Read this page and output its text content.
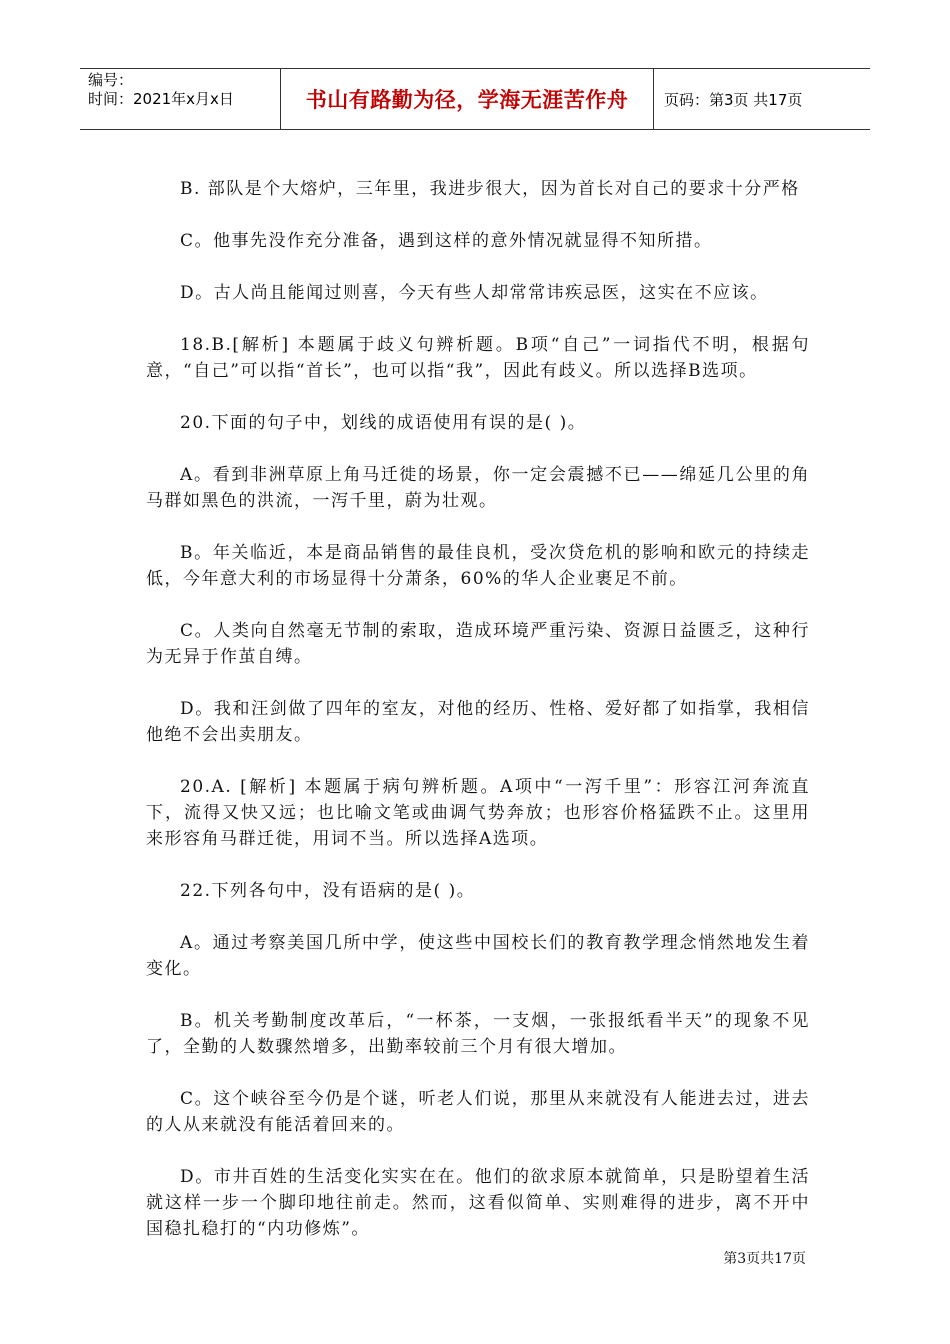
编号：
时间：2021年x月x日	书山有路勤为径，学海无涯苦作舟	页码：第3页 共17页

B. 部队是个大熔炉，三年里，我进步很大，因为首长对自己的要求十分严格

C。他事先没作充分准备，遇到这样的意外情况就显得不知所措。

D。古人尚且能闻过则喜，今天有些人却常常讳疾忌医，这实在不应该。

18.B.[解析] 本题属于歧义句辨析题。B项“自己”一词指代不明，根据句意，“自己”可以指“首长”，也可以指“我”，因此有歧义。所以选择B选项。

20.下面的句子中，划线的成语使用有误的是( )。

A。看到非洲草原上角马迁徙的场景，你一定会震撼不已——绵延几公里的角马群如黑色的洪流，一泻千里，蔚为壮观。

B。年关临近，本是商品销售的最佳良机，受次贷危机的影响和欧元的持续走低，今年意大利的市场显得十分萧条，60%的华人企业裹足不前。

C。人类向自然毫无节制的索取，造成环境严重污染、资源日益匮乏，这种行为无异于作茧自缚。

D。我和汪剑做了四年的室友，对他的经历、性格、爱好都了如指掌，我相信他绝不会出卖朋友。

20.A. [解析] 本题属于病句辨析题。A项中“一泻千里”：形容江河奔流直下，流得又快又远；也比喻文笔或曲调气势奔放；也形容价格猛跌不止。这里用来形容角马群迁徙，用词不当。所以选择A选项。

22.下列各句中，没有语病的是( )。

A。通过考察美国几所中学，使这些中国校长们的教育教学理念悄然地发生着变化。

B。机关考勤制度改革后，“一杯茶，一支烟，一张报纸看半天”的现象不见了，全勤的人数骤然增多，出勤率较前三个月有很大增加。

C。这个峡谷至今仍是个谜，听老人们说，那里从来就没有人能进去过，进去的人从来就没有能活着回来的。

D。市井百姓的生活变化实实在在。他们的欲求原本就简单，只是盼望着生活就这样一步一个脚印地往前走。然而，这看似简单、实则难得的进步，离不开中国稳扎稳打的“内功修炼”。

第3页共17页
